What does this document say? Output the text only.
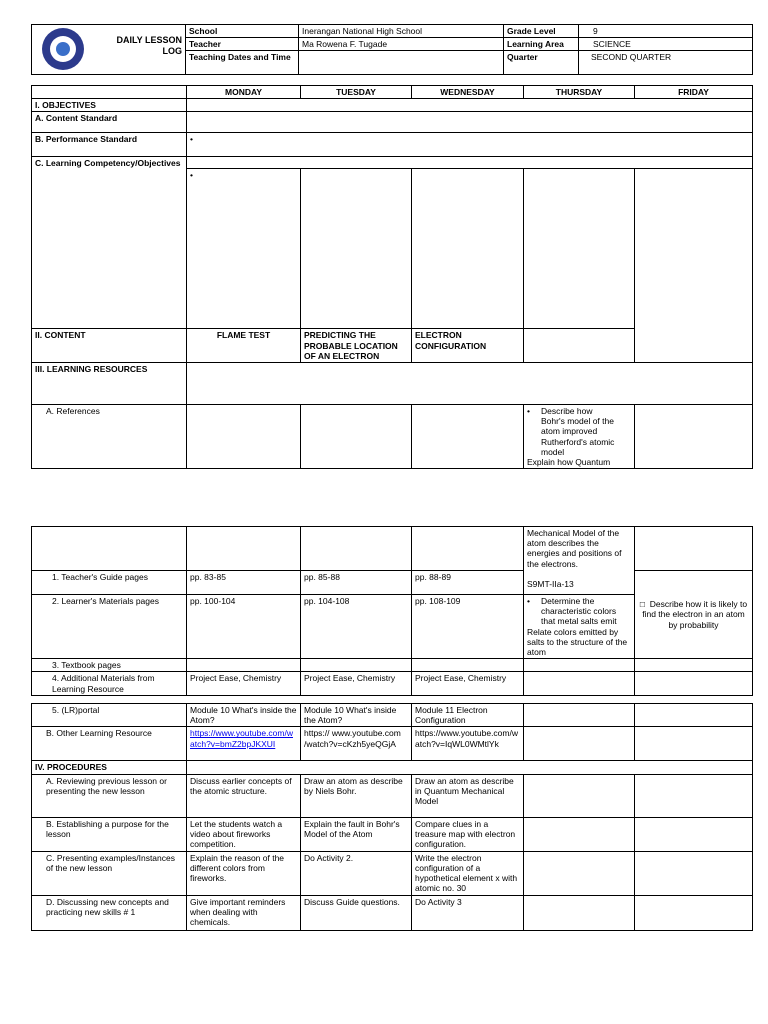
	DAILY LESSON
LOG	School	Inerangan National High School	Grade Level	9
		Teacher	Ma Rowena F. Tugade	Learning Area	SCIENCE
		Teaching Dates and Time		Quarter	SECOND QUARTER
	MONDAY	TUESDAY	WEDNESDAY	THURSDAY	FRIDAY
I. OBJECTIVES					
A. Content Standard					
B. Performance Standard	•				
C. Learning Competency/Objectives					
	•				
II. CONTENT	FLAME TEST	PREDICTING THE PROBABLE LOCATION OF AN ELECTRON	ELECTRON CONFIGURATION		
III. LEARNING RESOURCES					
A. References				• Describe how Bohr's model of the atom improved Rutherford's atomic model
Explain how Quantum	

				Mechanical Model of the atom describes the energies and positions of the electrons.
S9MT-IIa-13	

1. Teacher's Guide pages	pp. 83-85	pp. 85-88	pp. 88-89		□ Describe how it is likely to find the electron in an atom by probability
2. Learner's Materials pages	pp. 100-104	pp. 104-108	pp. 108-109	• Determine the characteristic colors that metal salts emit
Relate colors emitted by salts to the structure of the atom	

3. Textbook pages					
4. Additional Materials from Learning Resource	Project Ease, Chemistry	Project Ease, Chemistry	Project Ease, Chemistry		
5. (LR)portal	Module 10 What's inside the Atom?	Module 10 What's inside the Atom?	Module 11 Electron Configuration		
B. Other Learning Resource	https://www.youtube.com/watch?v=bmZ2bpJKXUI	https:// www.youtube.com /watch?v=cKzh5yeQGjA	https://www.youtube.com/watch?v=IqWL0WMtlYk		
IV. PROCEDURES					
A. Reviewing previous lesson or presenting the new lesson	Discuss earlier concepts of the atomic structure.	Draw an atom as describe by Niels Bohr.	Draw an atom as describe in Quantum Mechanical Model		
B. Establishing a purpose for the lesson	Let the students watch a video about fireworks competition.	Explain the fault in Bohr's Model of the Atom	Compare clues in a treasure map with electron configuration.		
C. Presenting examples/Instances of the new lesson	Explain the reason of the different colors from fireworks.	Do Activity 2.	Write the electron configuration of a hypothetical element x with atomic no. 30		
D. Discussing new concepts and practicing new skills # 1	Give important reminders when dealing with chemicals.	Discuss Guide questions.	Do Activity 3		
